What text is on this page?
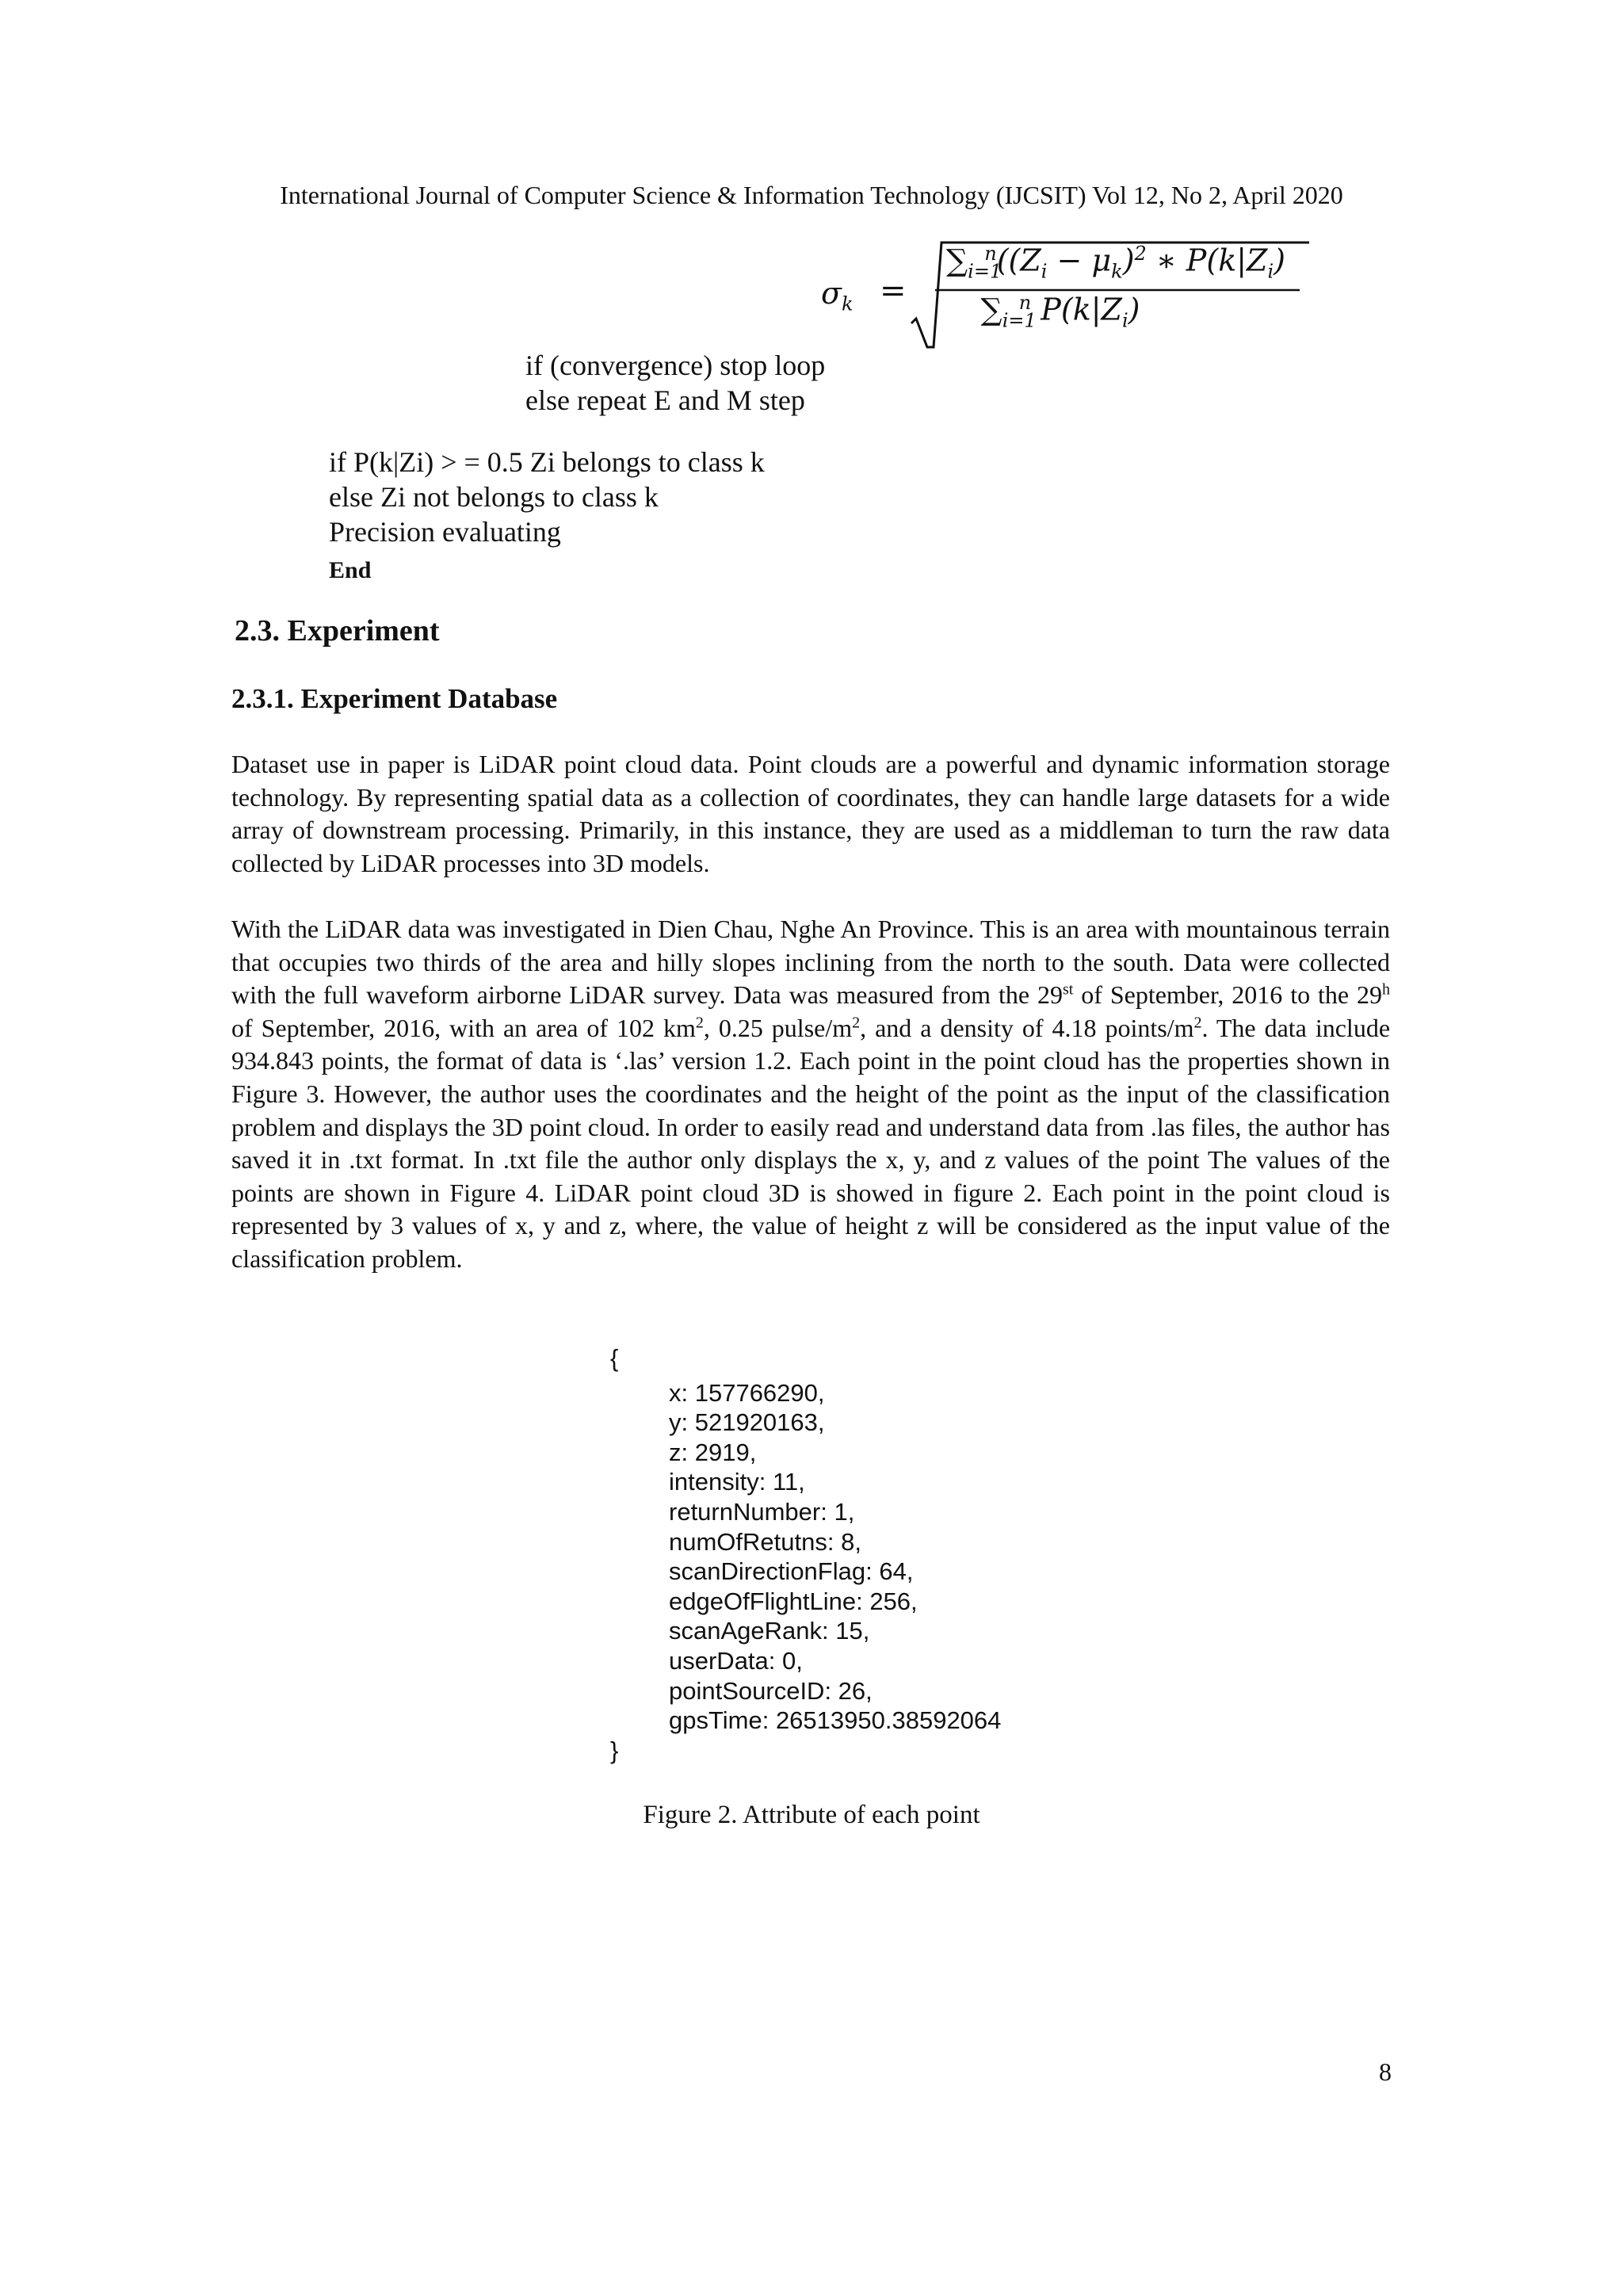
International Journal of Computer Science & Information Technology (IJCSIT) Vol 12, No 2, April 2020
$\sigma_k$ =
$\sum_{i=1}^n((Z_i - \mu_k)^2$ ∗ $P(k|Z_i)$
$\sum_{i=1}^n$ $P(k|Z_i)$
if (convergence) stop loop
else repeat E and M step
if P(k|Zi) > = 0.5 Zi belongs to class k
else Zi not belongs to class k
Precision evaluating
End
2.3. Experiment
2.3.1. Experiment Database
Dataset use in paper is LiDAR point cloud data. Point clouds are a powerful and dynamic information storage technology. By representing spatial data as a collection of coordinates, they can handle large datasets for a wide array of downstream processing. Primarily, in this instance, they are used as a middleman to turn the raw data collected by LiDAR processes into 3D models.
With the LiDAR data was investigated in Dien Chau, Nghe An Province. This is an area with mountainous terrain that occupies two thirds of the area and hilly slopes inclining from the north to the south. Data were collected with the full waveform airborne LiDAR survey. Data was measured from the 29st of September, 2016 to the 29$^h$ of September, 2016, with an area of 102 $km^2$, 0.25 pulse/$m^2$, and a density of 4.18 points/$m^2$. The data include 934.843 points, the format of data is ‘.las’ version 1.2. Each point in the point cloud has the properties shown in Figure 3. However, the author uses the coordinates and the height of the point as the input of the classification problem and displays the 3D point cloud. In order to easily read and understand data from .las files, the author has saved it in .txt format. In .txt file the author only displays the x, y, and z values of the point The values of the points are shown in Figure 4. LiDAR point cloud 3D is showed in figure 2. Each point in the point cloud is represented by 3 values of x, y and z, where, the value of height z will be considered as the input value of the classification problem.
{
x: 157766290,
y: 521920163,
z: 2919,
intensity: 11,
returnNumber: 1,
numOfRetutns: 8,
scanDirectionFlag: 64,
edgeOfFlightLine: 256,
scanAgeRank: 15,
userData: 0,
pointSourceID: 26,
gpsTime: 26513950.38592064
}
Figure 2. Attribute of each point
8
